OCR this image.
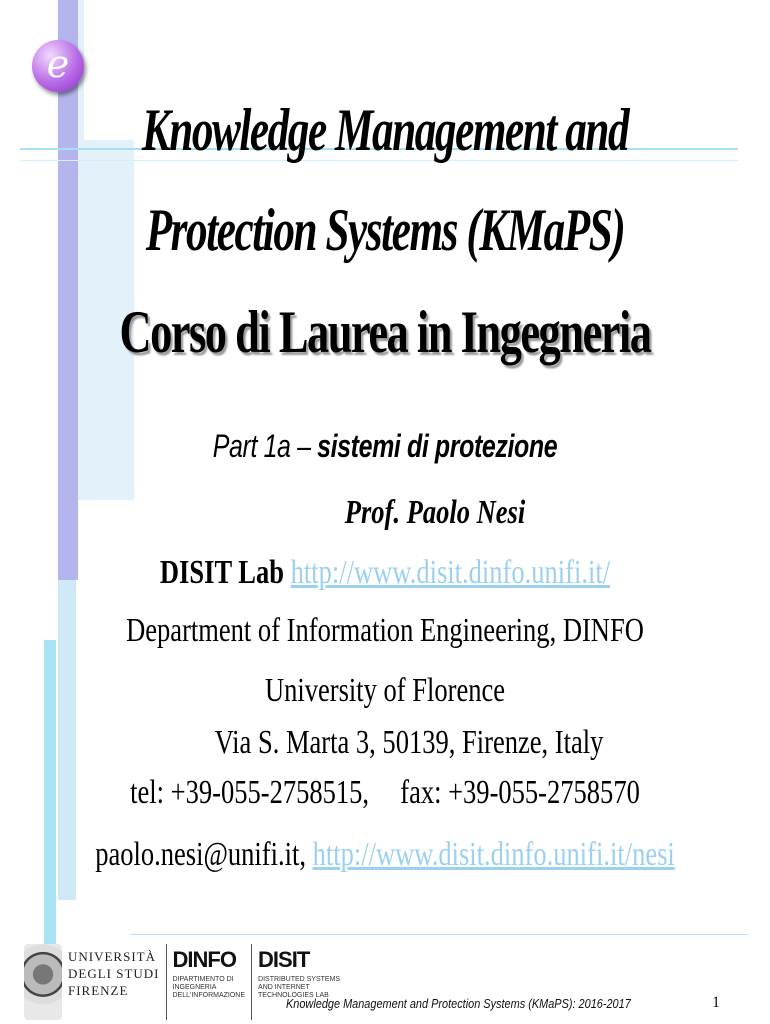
e
Knowledge Management and
Protection Systems (KMaPS)
Corso di Laurea in Ingegneria
Part 1a – sistemi di protezione
Prof. Paolo Nesi
DISIT Lab http://www.disit.dinfo.unifi.it/
Department of Information Engineering, DINFO
University of Florence
Via S. Marta 3, 50139, Firenze, Italy
tel: +39-055-2758515, fax: +39-055-2758570
paolo.nesi@unifi.it, http://www.disit.dinfo.unifi.it/nesi
UNIVERSITÀ
DEGLI STUDI
FIRENZE
DINFO
DIPARTIMENTO DI
INGEGNERIA
DELL'INFORMAZIONE
DISIT
DISTRIBUTED SYSTEMS
AND INTERNET
TECHNOLOGIES LAB
Knowledge Management and Protection Systems (KMaPS): 2016-2017	1
